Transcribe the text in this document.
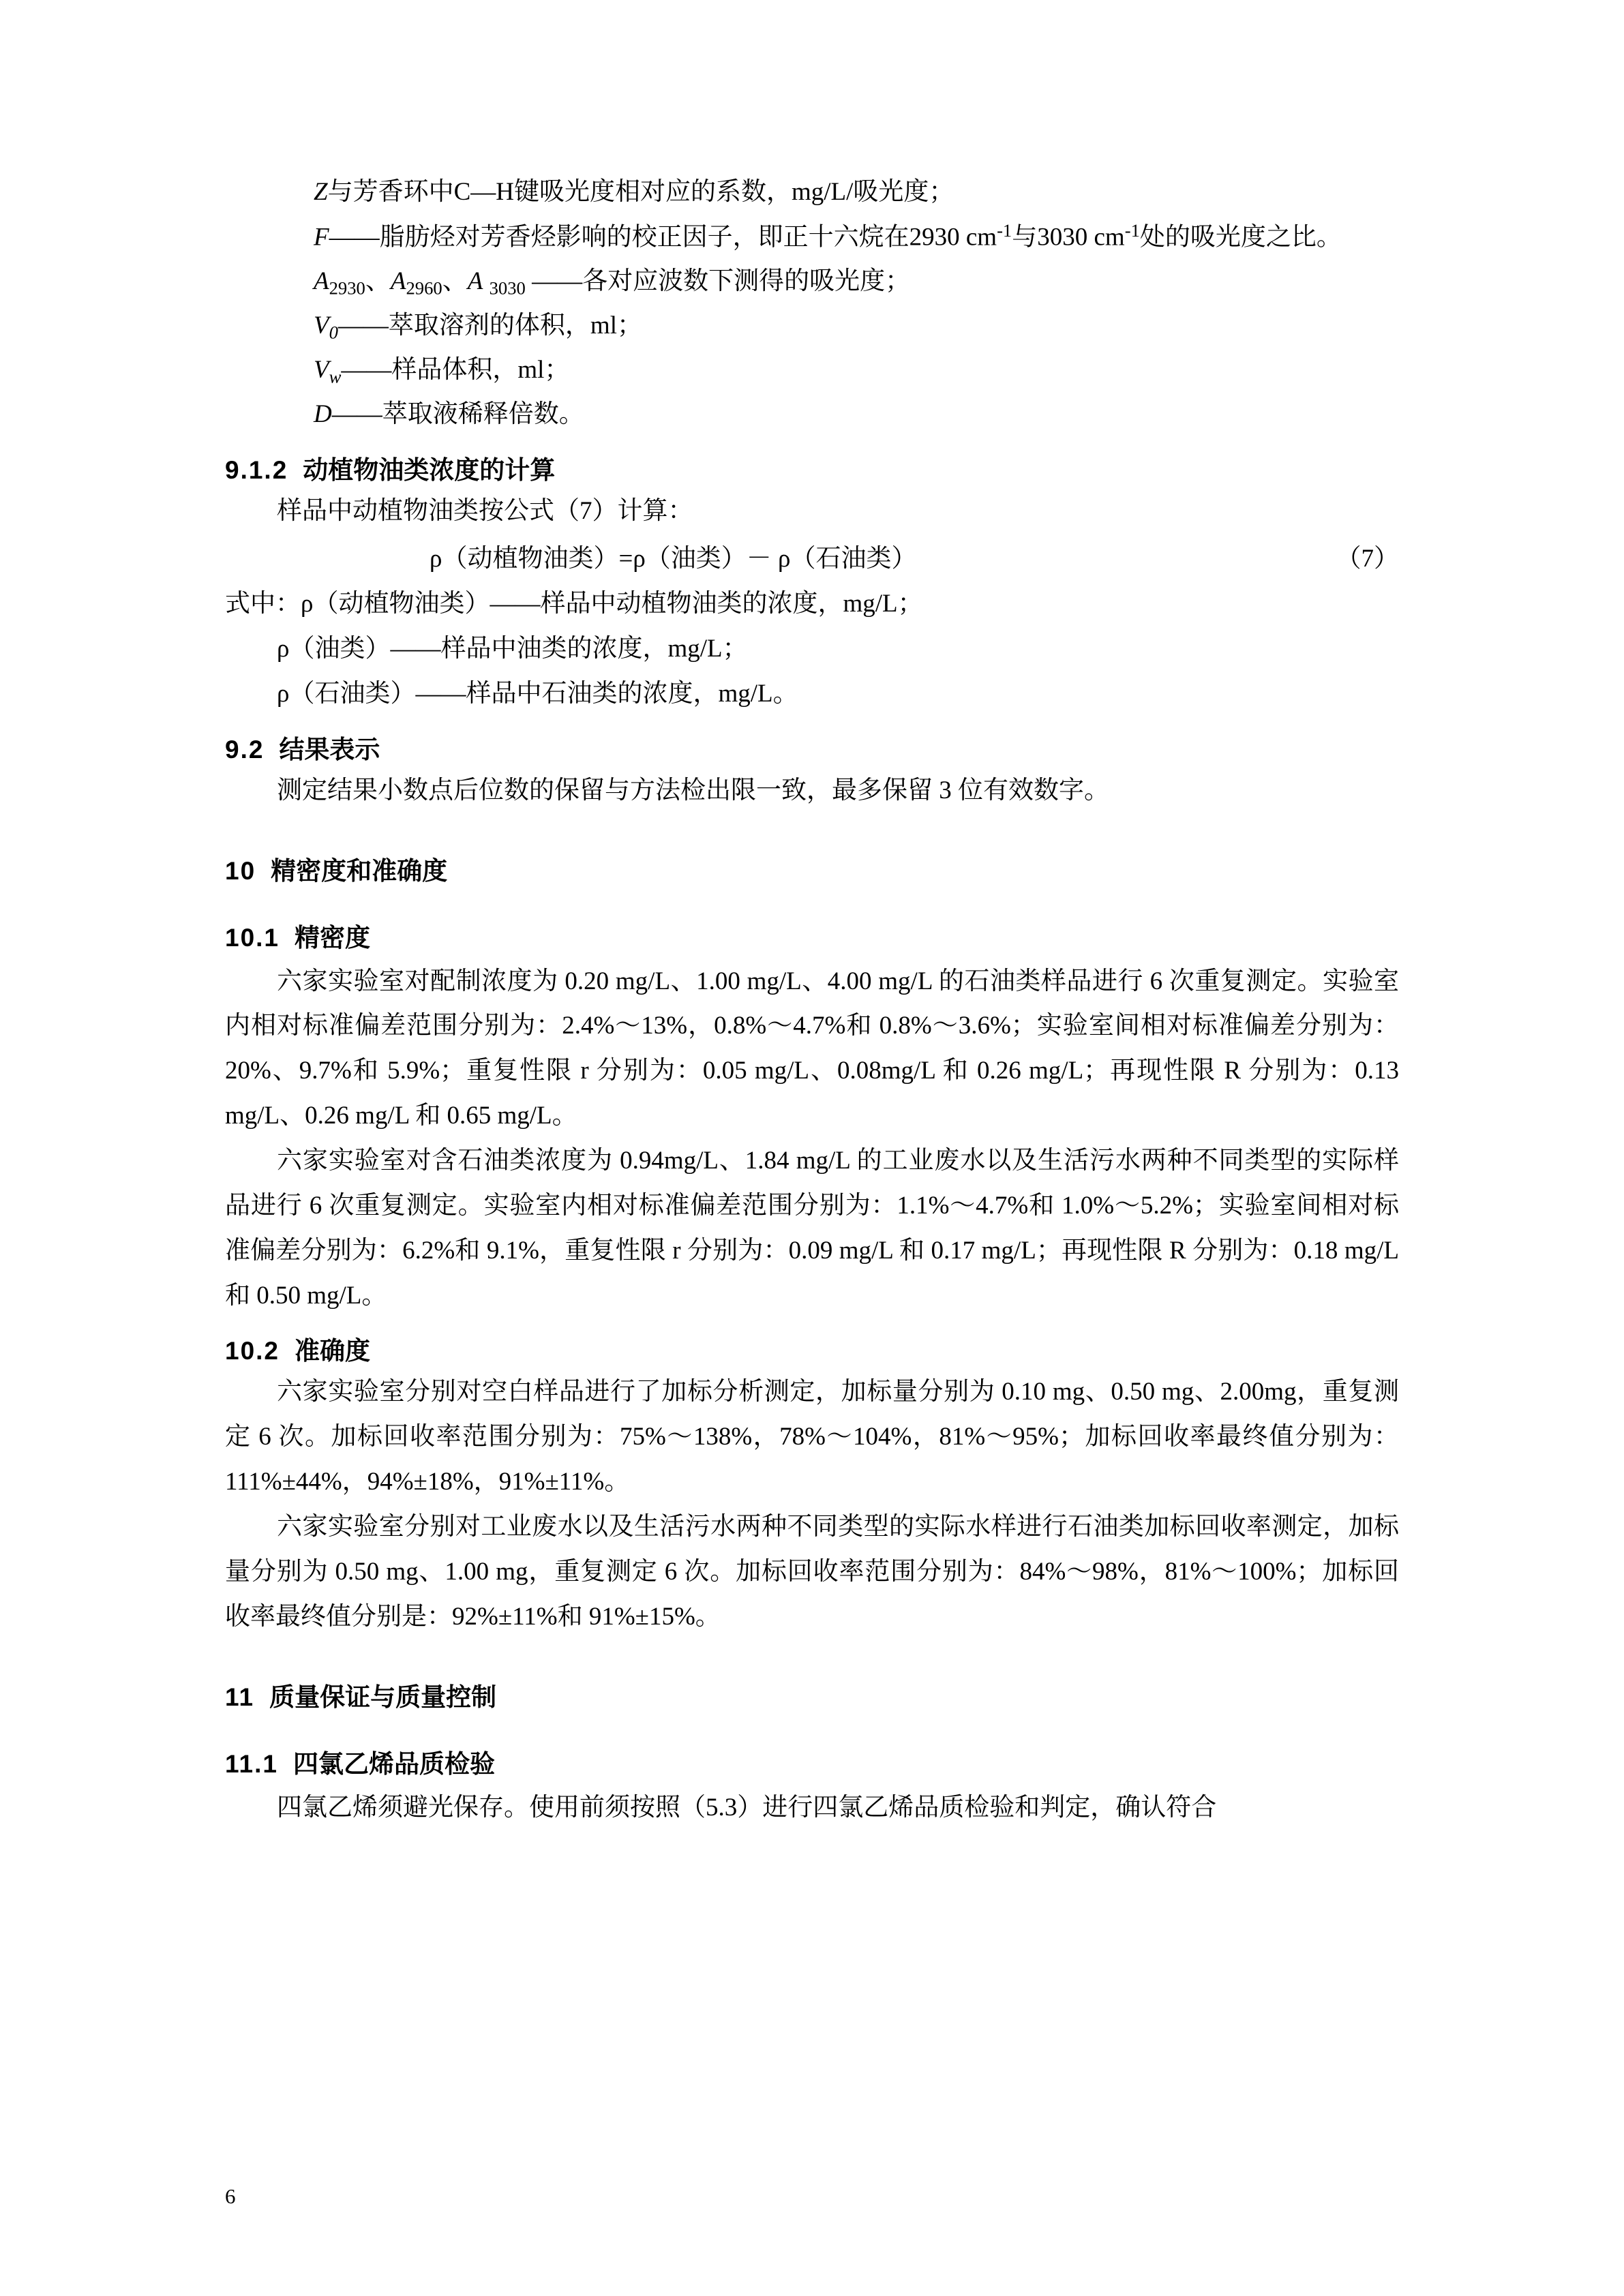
Z与芳香环中C—H键吸光度相对应的系数，mg/L/吸光度；
F——脂肪烃对芳香烃影响的校正因子，即正十六烷在2930 $cm^{-1}$与3030 $cm^{-1}$处的吸光度之比。
$A_{2930}$、$A_{2960}$、A $_{3030}$ ——各对应波数下测得的吸光度；
$V_0——$萃取溶剂的体积，ml；
$V_w——$样品体积，ml；
D——萃取液稀释倍数。
9.1.2 动植物油类浓度的计算

样品中动植物油类按公式（7）计算：

ρ（动植物油类）=ρ（油类）－ ρ（石油类）	（7）

式中：ρ（动植物油类）——样品中动植物油类的浓度，mg/L；

ρ（油类）——样品中油类的浓度，mg/L；

ρ（石油类）——样品中石油类的浓度，mg/L。

9.2 结果表示

测定结果小数点后位数的保留与方法检出限一致，最多保留 3 位有效数字。

10 精密度和准确度
10.1 精密度

六家实验室对配制浓度为 0.20 mg/L、1.00 mg/L、4.00 mg/L 的石油类样品进行 6 次重复测定。实验室内相对标准偏差范围分别为：2.4%～13%，0.8%～4.7%和 0.8%～3.6%；实验室间相对标准偏差分别为：20%、9.7%和 5.9%；重复性限 r 分别为：0.05 mg/L、0.08mg/L 和 0.26 mg/L；再现性限 R 分别为：0.13 mg/L、0.26 mg/L 和 0.65 mg/L。

六家实验室对含石油类浓度为 0.94mg/L、1.84 mg/L 的工业废水以及生活污水两种不同类型的实际样品进行 6 次重复测定。实验室内相对标准偏差范围分别为：1.1%～4.7%和 1.0%～5.2%；实验室间相对标准偏差分别为：6.2%和 9.1%，重复性限 r 分别为：0.09 mg/L 和 0.17 mg/L；再现性限 R 分别为：0.18 mg/L 和 0.50 mg/L。

10.2 准确度

六家实验室分别对空白样品进行了加标分析测定，加标量分别为 0.10 mg、0.50 mg、2.00mg，重复测定 6 次。加标回收率范围分别为：75%～138%，78%～104%，81%～95%；加标回收率最终值分别为：111%±44%，94%±18%，91%±11%。

六家实验室分别对工业废水以及生活污水两种不同类型的实际水样进行石油类加标回收率测定，加标量分别为 0.50 mg、1.00 mg，重复测定 6 次。加标回收率范围分别为：84%～98%，81%～100%；加标回收率最终值分别是：92%±11%和 91%±15%。

11 质量保证与质量控制
11.1 四氯乙烯品质检验

四氯乙烯须避光保存。使用前须按照（5.3）进行四氯乙烯品质检验和判定，确认符合

6
